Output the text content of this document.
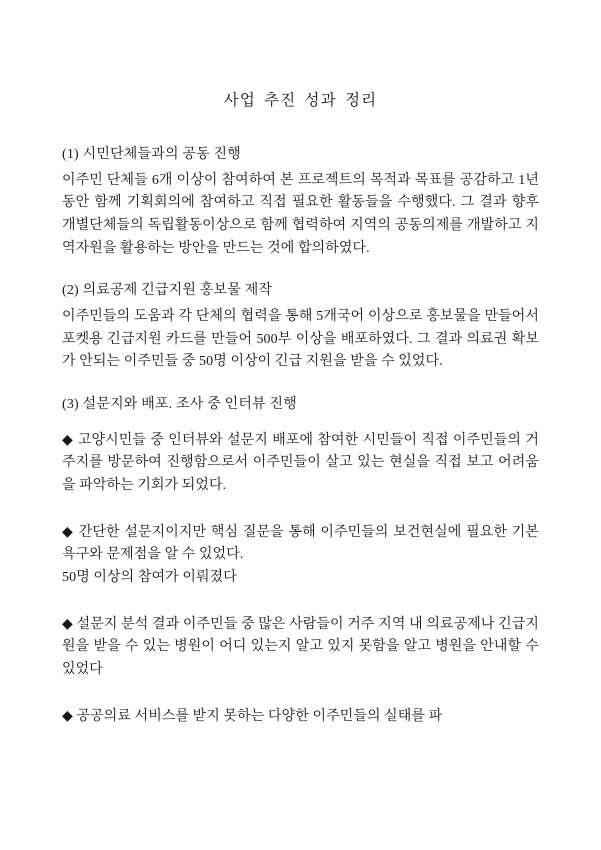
사업 추진 성과 정리

(1) 시민단체들과의 공동 진행

이주민 단체들 6개 이상이 참여하여 본 프로젝트의 목적과 목표를 공감하고 1년 동안 함께 기획회의에 참여하고 직접 필요한 활동들을 수행했다. 그 결과 향후 개별단체들의 독립활동이상으로 함께 협력하여 지역의 공동의제를 개발하고 지역자원을 활용하는 방안을 만드는 것에 합의하였다.

(2) 의료공제 긴급지원 홍보물 제작

이주민들의 도움과 각 단체의 협력을 통해 5개국어 이상으로 홍보물을 만들어서 포켓용 긴급지원 카드를 만들어 500부 이상을 배포하였다. 그 결과 의료권 확보가 안되는 이주민들 중 50명 이상이 긴급 지원을 받을 수 있었다.

(3) 설문지와 배포. 조사 중 인터뷰 진행

◆ 고양시민들 중 인터뷰와 설문지 배포에 참여한 시민들이 직접 이주민들의 거주지를 방문하여 진행함으로서 이주민들이 살고 있는 현실을 직접 보고 어려움을 파악하는 기회가 되었다.

◆ 간단한 설문지이지만 핵심 질문을 통해 이주민들의 보건현실에 필요한 기본 욕구와 문제점을 알 수 있었다.

50명 이상의 참여가 이뤄졌다

◆ 설문지 분석 결과 이주민들 중 많은 사람들이 거주 지역 내 의료공제나 긴급지원을 받을 수 있는 병원이 어디 있는지 알고 있지 못함을 알고 병원을 안내할 수 있었다

◆ 공공의료 서비스를 받지 못하는 다양한 이주민들의 실태를 파
